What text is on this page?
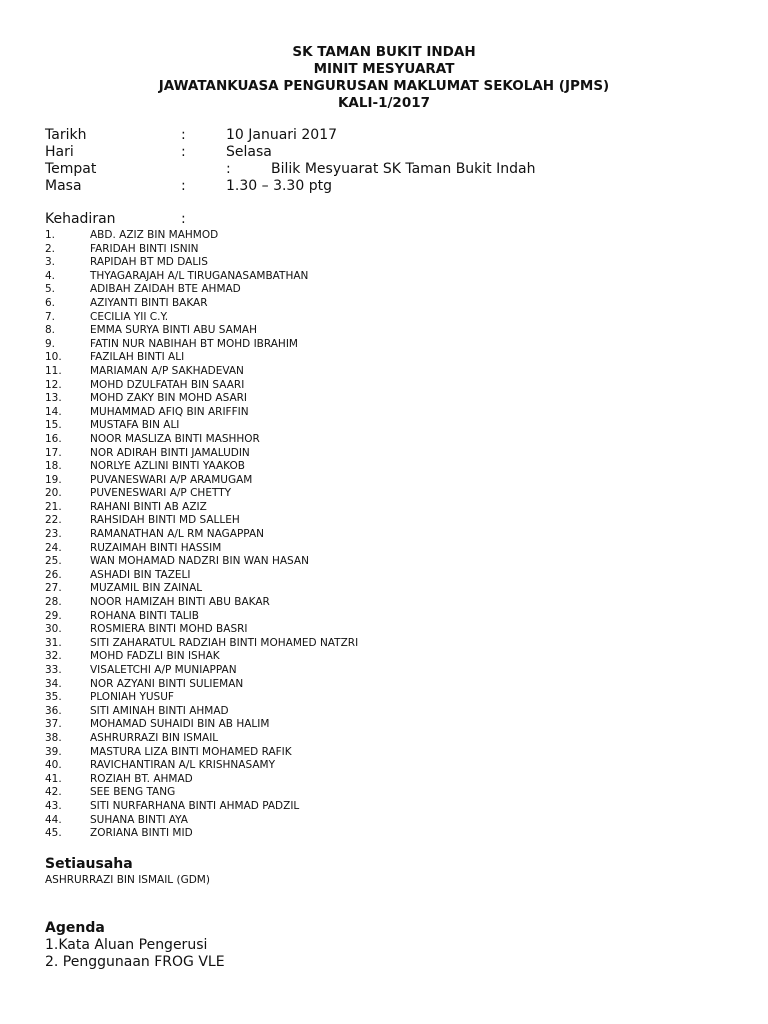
SK TAMAN BUKIT INDAH
MINIT MESYUARAT
JAWATANKUASA PENGURUSAN MAKLUMAT SEKOLAH (JPMS)
KALI-1/2017
Tarikh	:	10 Januari 2017
Hari	:	Selasa
Tempat	:	Bilik Mesyuarat SK Taman Bukit Indah
Masa	:	1.30 – 3.30 ptg
Kehadiran	:
1.	ABD. AZIZ BIN MAHMOD
2.	FARIDAH BINTI ISNIN
3.	RAPIDAH BT MD DALIS
4.	THYAGARAJAH A/L TIRUGANASAMBATHAN
5.	ADIBAH ZAIDAH BTE AHMAD
6.	AZIYANTI BINTI BAKAR
7.	CECILIA YII C.Y.
8.	EMMA SURYA BINTI ABU SAMAH
9.	FATIN NUR NABIHAH BT MOHD IBRAHIM
10.	FAZILAH BINTI ALI
11.	MARIAMAN A/P SAKHADEVAN
12.	MOHD DZULFATAH BIN SAARI
13.	MOHD ZAKY BIN MOHD ASARI
14.	MUHAMMAD AFIQ BIN ARIFFIN
15.	MUSTAFA BIN ALI
16.	NOOR MASLIZA BINTI MASHHOR
17.	NOR ADIRAH BINTI JAMALUDIN
18.	NORLYE AZLINI BINTI YAAKOB
19.	PUVANESWARI A/P ARAMUGAM
20.	PUVENESWARI A/P CHETTY
21.	RAHANI BINTI AB AZIZ
22.	RAHSIDAH BINTI MD SALLEH
23.	RAMANATHAN A/L RM NAGAPPAN
24.	RUZAIMAH BINTI HASSIM
25.	WAN MOHAMAD NADZRI BIN WAN HASAN
26.	ASHADI BIN TAZELI
27.	MUZAMIL BIN ZAINAL
28.	NOOR HAMIZAH BINTI ABU BAKAR
29.	ROHANA BINTI TALIB
30.	ROSMIERA BINTI MOHD BASRI
31.	SITI ZAHARATUL RADZIAH BINTI MOHAMED NATZRI
32.	MOHD FADZLI BIN ISHAK
33.	VISALETCHI A/P MUNIAPPAN
34.	NOR AZYANI BINTI SULIEMAN
35.	PLONIAH YUSUF
36.	SITI AMINAH BINTI AHMAD
37.	MOHAMAD SUHAIDI BIN AB HALIM
38.	ASHRURRAZI BIN ISMAIL
39.	MASTURA LIZA BINTI MOHAMED RAFIK
40.	RAVICHANTIRAN A/L KRISHNASAMY
41.	ROZIAH BT. AHMAD
42.	SEE BENG TANG
43.	SITI NURFARHANA BINTI AHMAD PADZIL
44.	SUHANA BINTI AYA
45.	ZORIANA BINTI MID
Setiausaha
ASHRURRAZI BIN ISMAIL (GDM)
Agenda
1.Kata Aluan Pengerusi
2. Penggunaan FROG VLE
